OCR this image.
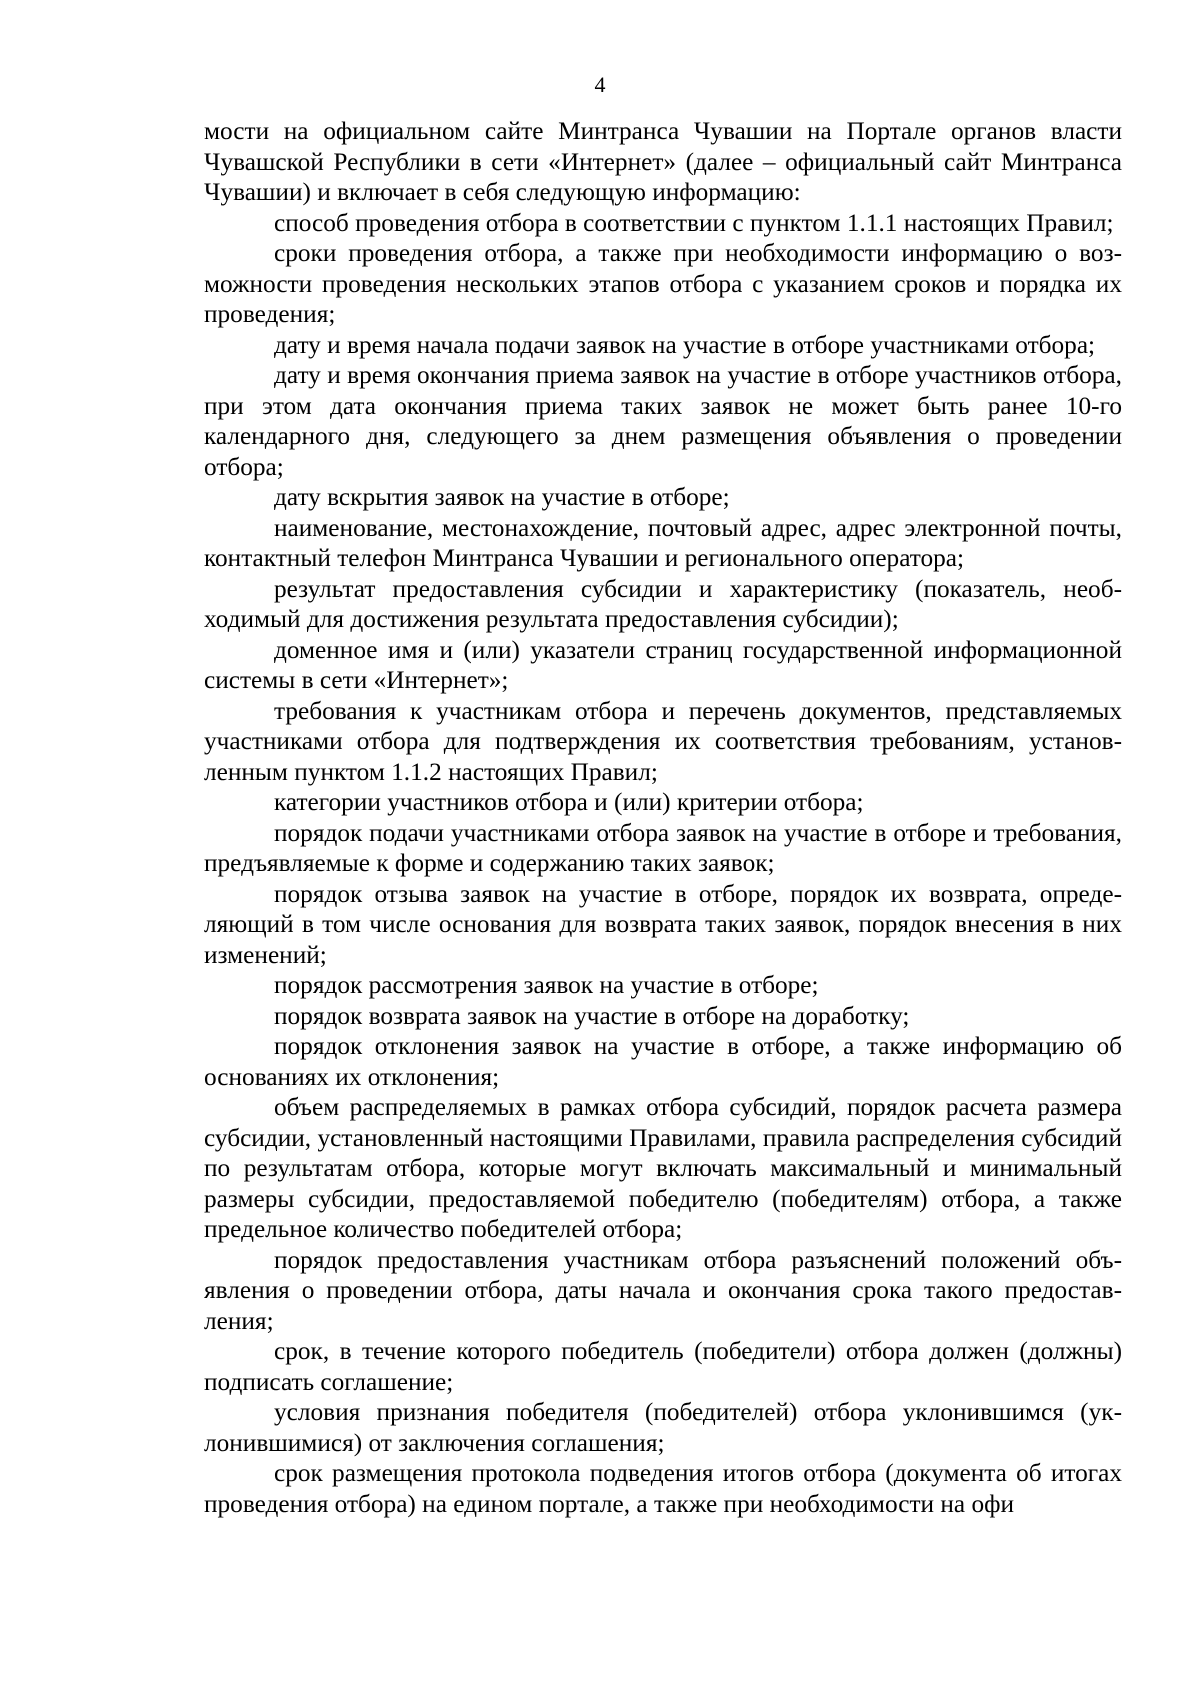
4

мости на официальном сайте Минтранса Чувашии на Портале органов власти Чувашской Республики в сети «Интернет» (далее – официальный сайт Минтранса Чувашии) и включает в себя следующую информацию:

способ проведения отбора в соответствии с пунктом 1.1.1 настоящих Правил;

сроки проведения отбора, а также при необходимости информацию о возможности проведения нескольких этапов отбора с указанием сроков и порядка их проведения;

дату и время начала подачи заявок на участие в отборе участниками отбора;

дату и время окончания приема заявок на участие в отборе участников отбора, при этом дата окончания приема таких заявок не может быть ранее 10-го календарного дня, следующего за днем размещения объявления о проведении отбора;

дату вскрытия заявок на участие в отборе;

наименование, местонахождение, почтовый адрес, адрес электронной почты, контактный телефон Минтранса Чувашии и регионального оператора;

результат предоставления субсидии и характеристику (показатель, необходимый для достижения результата предоставления субсидии);

доменное имя и (или) указатели страниц государственной информационной системы в сети «Интернет»;

требования к участникам отбора и перечень документов, представляемых участниками отбора для подтверждения их соответствия требованиям, установленным пунктом 1.1.2 настоящих Правил;

категории участников отбора и (или) критерии отбора;

порядок подачи участниками отбора заявок на участие в отборе и требования, предъявляемые к форме и содержанию таких заявок;

порядок отзыва заявок на участие в отборе, порядок их возврата, определяющий в том числе основания для возврата таких заявок, порядок внесения в них изменений;

порядок рассмотрения заявок на участие в отборе;

порядок возврата заявок на участие в отборе на доработку;

порядок отклонения заявок на участие в отборе, а также информацию об основаниях их отклонения;

объем распределяемых в рамках отбора субсидий, порядок расчета размера субсидии, установленный настоящими Правилами, правила распределения субсидий по результатам отбора, которые могут включать максимальный и минимальный размеры субсидии, предоставляемой победителю (победителям) отбора, а также предельное количество победителей отбора;

порядок предоставления участникам отбора разъяснений положений объявления о проведении отбора, даты начала и окончания срока такого предоставления;

срок, в течение которого победитель (победители) отбора должен (должны) подписать соглашение;

условия признания победителя (победителей) отбора уклонившимся (уклонившимися) от заключения соглашения;

срок размещения протокола подведения итогов отбора (документа об итогах проведения отбора) на едином портале, а также при необходимости на офи
